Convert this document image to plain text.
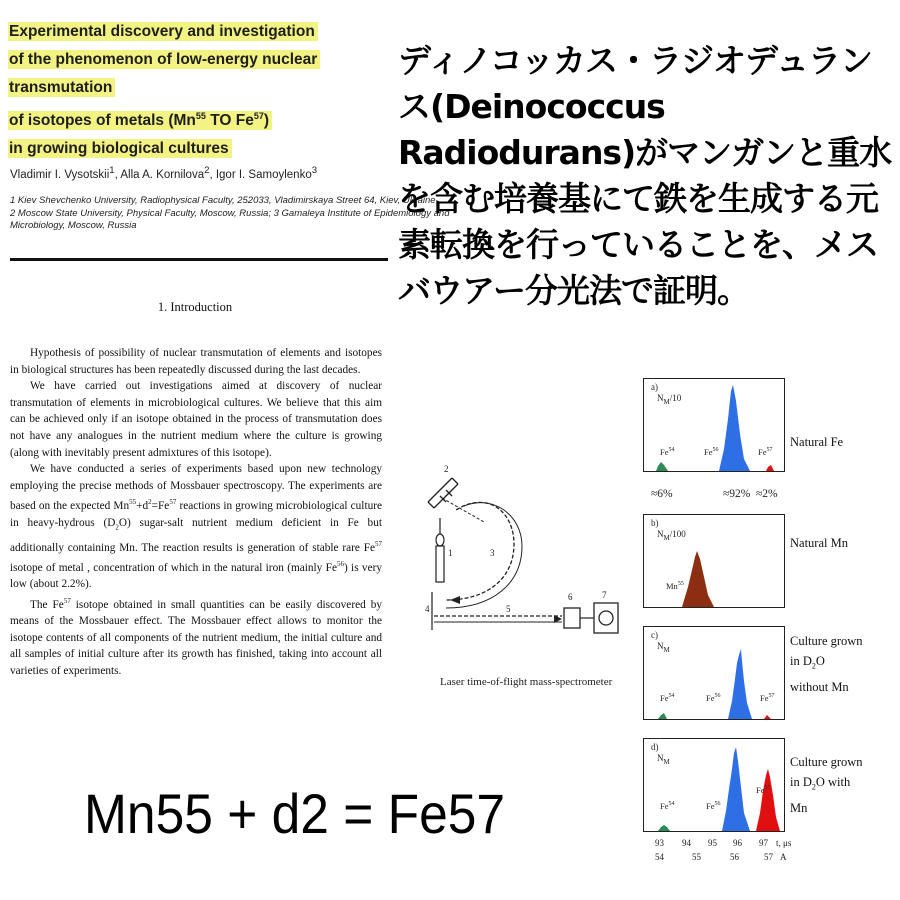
Experimental discovery and investigation
of the phenomenon of low-energy nuclear transmutation
of isotopes of metals (Mn$^{55}$ TO Fe$^{57}$)
in growing biological cultures
Vladimir I. Vysotskii$^1$, Alla A. Kornilova$^2$, Igor I. Samoylenko$^3$
1 Kiev Shevchenko University, Radiophysical Faculty, 252033, Vladimirskaya Street 64, Kiev, Ukraine
2 Moscow State University, Physical Faculty, Moscow, Russia; 3 Gamaleya Institute of Epidemiology and
Microbiology, Moscow, Russia
1. Introduction

Hypothesis of possibility of nuclear transmutation of elements and isotopes in biological structures has been repeatedly discussed during the last decades.

We have carried out investigations aimed at discovery of nuclear transmutation of elements in microbiological cultures. We believe that this aim can be achieved only if an isotope obtained in the process of transmutation does not have any analogues in the nutrient medium where the culture is growing (along with inevitably present admixtures of this isotope).

We have conducted a series of experiments based upon new technology employing the precise methods of Mossbauer spectroscopy. The experiments are based on the expected $Mn^{55}+d^2=Fe^{57}$ reactions in growing microbiological culture in heavy-hydrous $(D_2O)$ sugar-salt nutrient medium deficient in Fe but additionally containing Mn. The reaction results is generation of stable rare Fe$^{57}$ isotope of metal , concentration of which in the natural iron (mainly Fe$^{56}$) is very low (about 2.2%).

The Fe$^{57}$ isotope obtained in small quantities can be easily discovered by means of the Mossbauer effect. The Mossbauer effect allows to monitor the isotope contents of all components of the nutrient medium, the initial culture and all samples of initial culture after its growth has finished, taking into account all varieties of experiments.

ディノコッカス・ラジオデュランス(Deinococcus Radiodurans)がマンガンと重水を含む培養基にて鉄を生成する元素転換を行っていることを、メスバウアー分光法で証明。

Mn55 + d2 = Fe57
2
1	3
4	5
6	7
Laser time-of-flight mass-spectrometer
a)
$N_M/10$
Fe$^{54}$	Fe$^{56}$	$Fe^{57}$
≈6%	≈92% ≈2%
Natural Fe
b)
$N_M/100$
Mn$^{55}$
Natural Mn
c)
$N_M$
Fe$^{54}$	Fe$^{56}$	Fe$^{57}$
Culture grown
in $D_2O$
without Mn
d)
$N_M$
Fe$^{54}$	Fe$^{56}$
Fe$^{57}$
Culture grown
in $D_2O$ with
Mn
93 94 95 96 97 t, μs
54	55	56	57 A
